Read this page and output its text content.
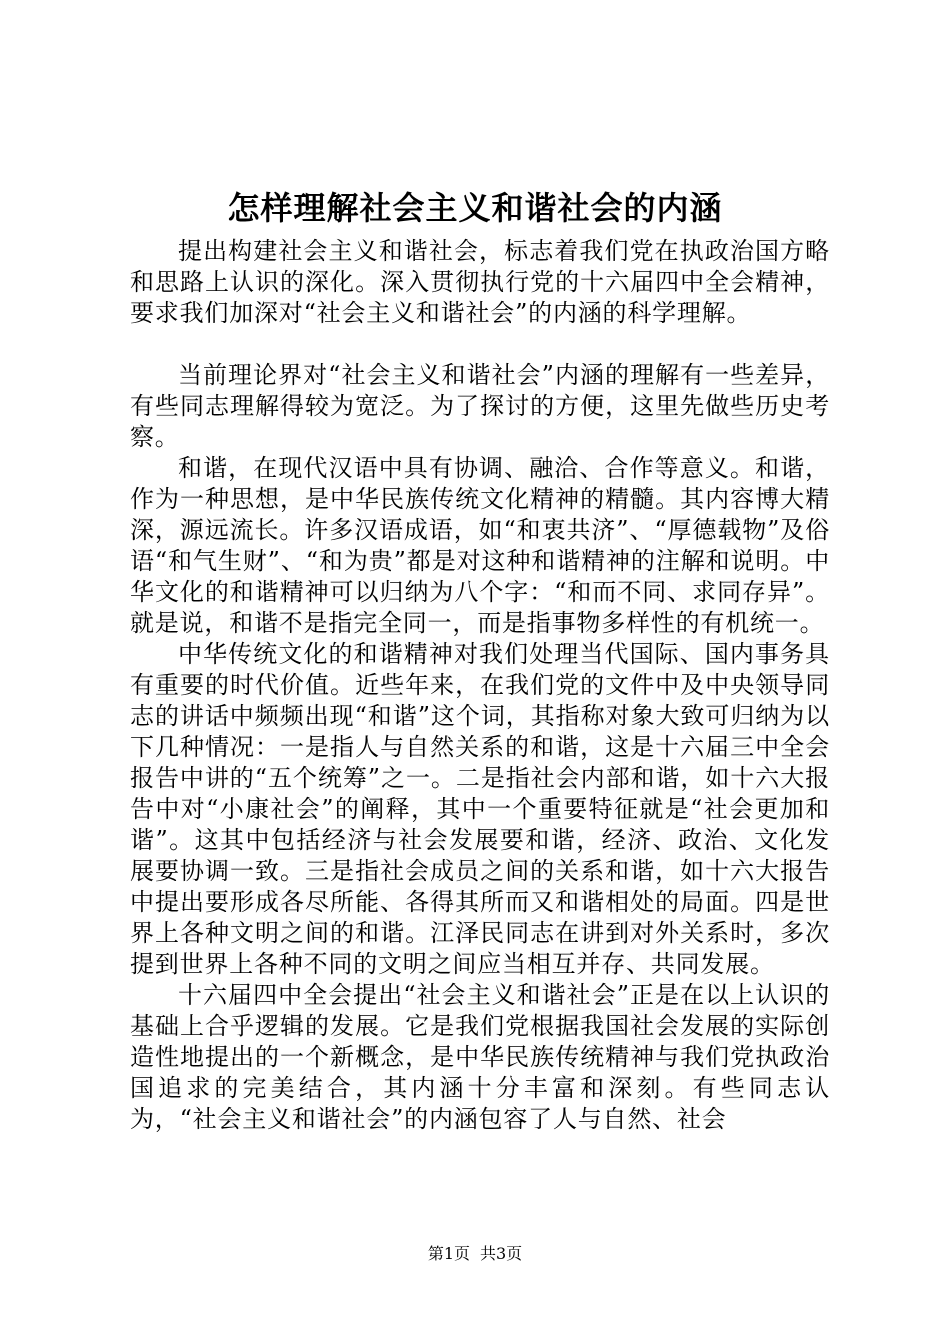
怎样理解社会主义和谐社会的内涵

提出构建社会主义和谐社会，标志着我们党在执政治国方略和思路上认识的深化。深入贯彻执行党的十六届四中全会精神，要求我们加深对“社会主义和谐社会”的内涵的科学理解。

当前理论界对“社会主义和谐社会”内涵的理解有一些差异，有些同志理解得较为宽泛。为了探讨的方便，这里先做些历史考察。

和谐，在现代汉语中具有协调、融洽、合作等意义。和谐，作为一种思想，是中华民族传统文化精神的精髓。其内容博大精深，源远流长。许多汉语成语，如“和衷共济”、“厚德载物”及俗语“和气生财”、“和为贵”都是对这种和谐精神的注解和说明。中华文化的和谐精神可以归纳为八个字：“和而不同、求同存异”。就是说，和谐不是指完全同一，而是指事物多样性的有机统一。

中华传统文化的和谐精神对我们处理当代国际、国内事务具有重要的时代价值。近些年来，在我们党的文件中及中央领导同志的讲话中频频出现“和谐”这个词，其指称对象大致可归纳为以下几种情况：一是指人与自然关系的和谐，这是十六届三中全会报告中讲的“五个统筹”之一。二是指社会内部和谐，如十六大报告中对“小康社会”的阐释，其中一个重要特征就是“社会更加和谐”。这其中包括经济与社会发展要和谐，经济、政治、文化发展要协调一致。三是指社会成员之间的关系和谐，如十六大报告中提出要形成各尽所能、各得其所而又和谐相处的局面。四是世界上各种文明之间的和谐。江泽民同志在讲到对外关系时，多次提到世界上各种不同的文明之间应当相互并存、共同发展。

十六届四中全会提出“社会主义和谐社会”正是在以上认识的基础上合乎逻辑的发展。它是我们党根据我国社会发展的实际创造性地提出的一个新概念，是中华民族传统精神与我们党执政治国追求的完美结合，其内涵十分丰富和深刻。有些同志认为，“社会主义和谐社会”的内涵包容了人与自然、社会

第1页 共3页
